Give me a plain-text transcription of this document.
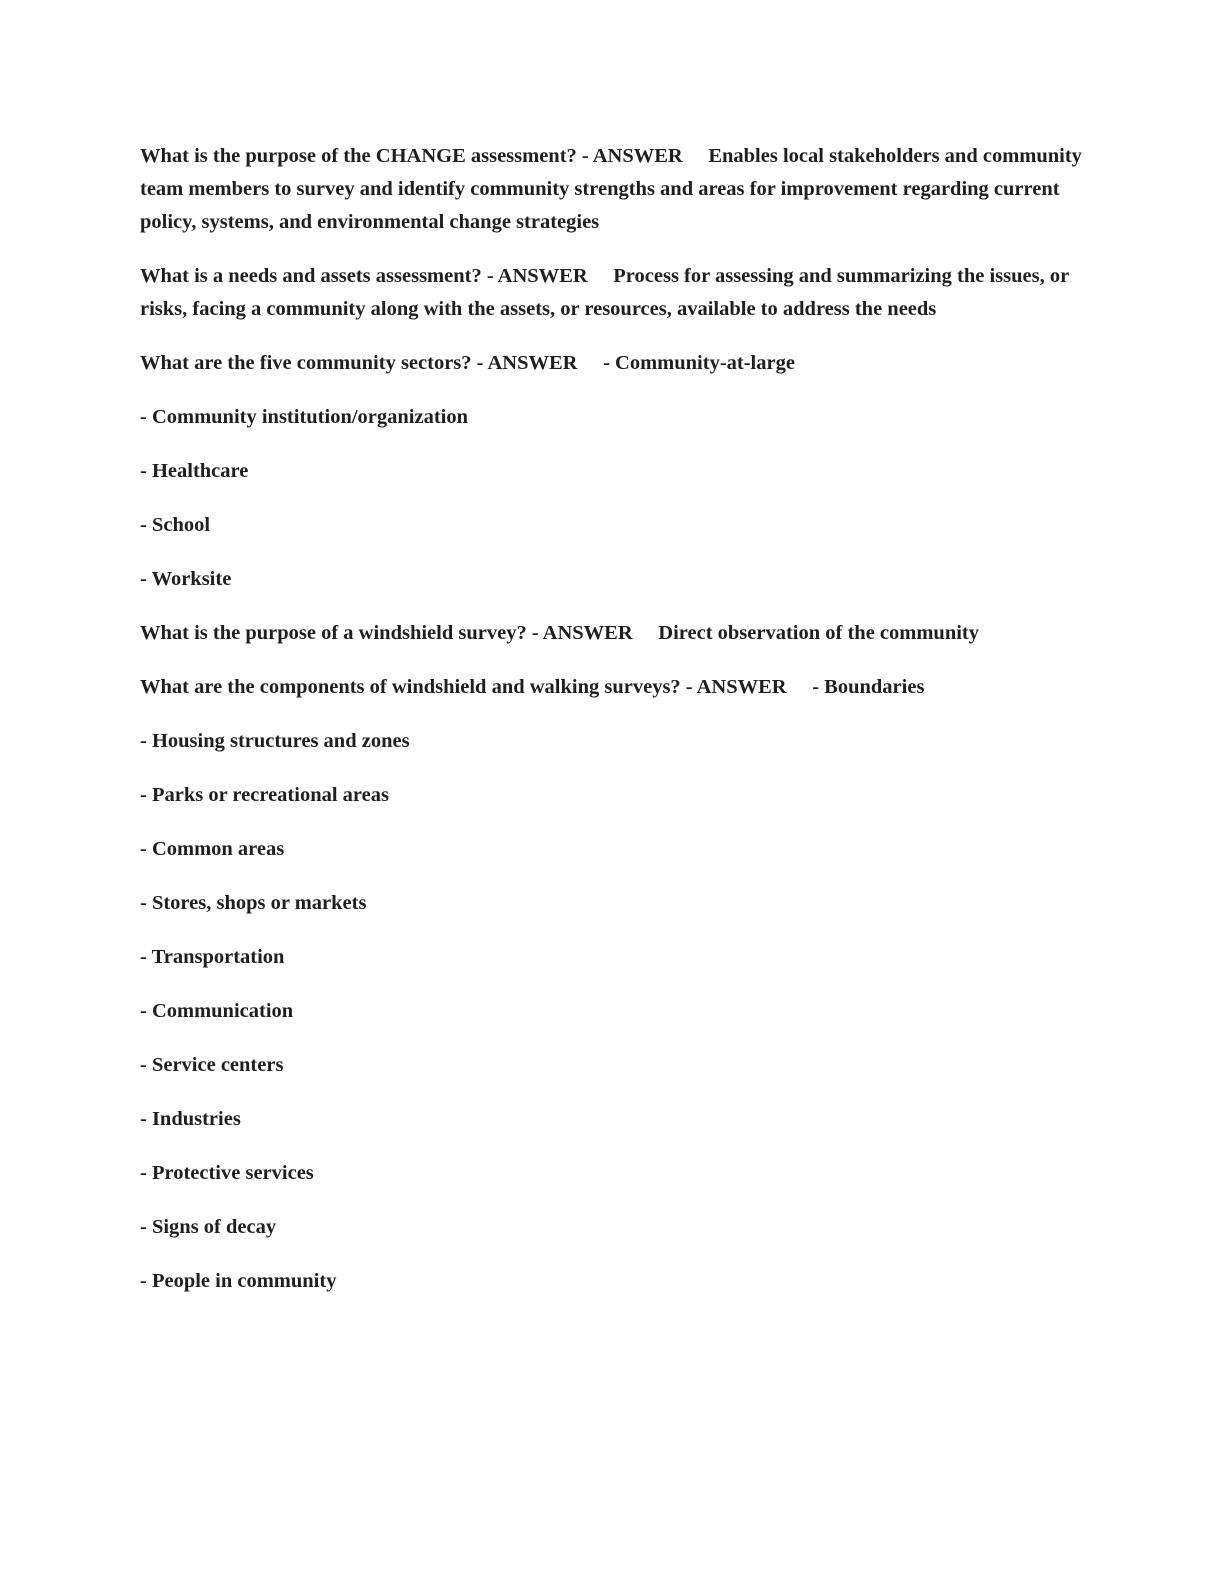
What is the purpose of the CHANGE assessment? - ANSWER     Enables local stakeholders and community team members to survey and identify community strengths and areas for improvement regarding current policy, systems, and environmental change strategies

What is a needs and assets assessment? - ANSWER     Process for assessing and summarizing the issues, or risks, facing a community along with the assets, or resources, available to address the needs

What are the five community sectors? - ANSWER     - Community-at-large

- Community institution/organization

- Healthcare

- School

- Worksite

What is the purpose of a windshield survey? - ANSWER     Direct observation of the community

What are the components of windshield and walking surveys? - ANSWER     - Boundaries

- Housing structures and zones

- Parks or recreational areas

- Common areas

- Stores, shops or markets

- Transportation

- Communication

- Service centers

- Industries

- Protective services

- Signs of decay

- People in community
